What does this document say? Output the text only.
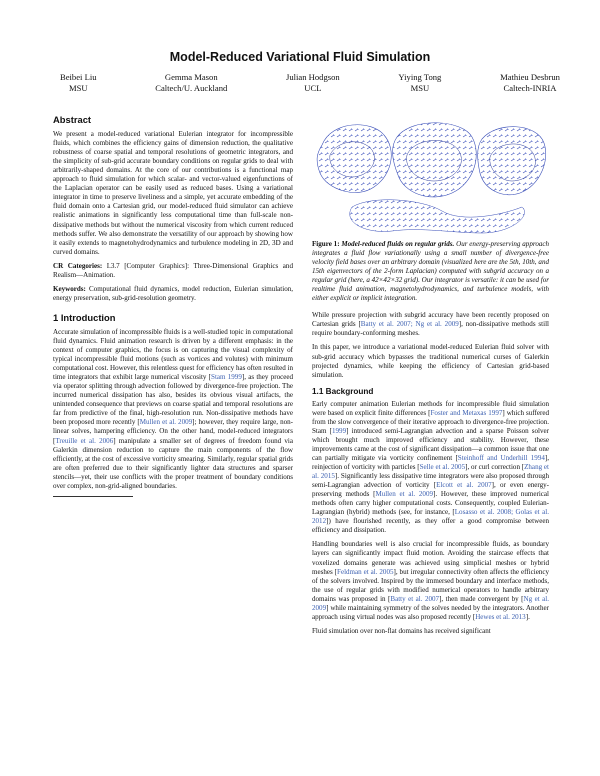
Model-Reduced Variational Fluid Simulation
Beibei Liu
MSU
Gemma Mason
Caltech/U. Auckland
Julian Hodgson
UCL
Yiying Tong
MSU
Mathieu Desbrun
Caltech-INRIA
Abstract

We present a model-reduced variational Eulerian integrator for incompressible fluids, which combines the efficiency gains of dimension reduction, the qualitative robustness of coarse spatial and temporal resolutions of geometric integrators, and the simplicity of sub-grid accurate boundary conditions on regular grids to deal with arbitrarily-shaped domains. At the core of our contributions is a functional map approach to fluid simulation for which scalar- and vector-valued eigenfunctions of the Laplacian operator can be easily used as reduced bases. Using a variational integrator in time to preserve liveliness and a simple, yet accurate embedding of the fluid domain onto a Cartesian grid, our model-reduced fluid simulator can achieve realistic animations in significantly less computational time than full-scale non-dissipative methods but without the numerical viscosity from which current reduced methods suffer. We also demonstrate the versatility of our approach by showing how it easily extends to magnetohydrodynamics and turbulence modeling in 2D, 3D and curved domains.

CR Categories: I.3.7 [Computer Graphics]: Three-Dimensional Graphics and Realism—Animation.

Keywords: Computational fluid dynamics, model reduction, Eulerian simulation, energy preservation, sub-grid-resolution geometry.

1 Introduction

Accurate simulation of incompressible fluids is a well-studied topic in computational fluid dynamics. Fluid animation research is driven by a different emphasis: in the context of computer graphics, the focus is on capturing the visual complexity of typical incompressible fluid motions (such as vortices and volutes) with minimum computational cost. However, this relentless quest for efficiency has often resulted in time integrators that exhibit large numerical viscosity [Stam 1999], as they proceed via operator splitting through advection followed by divergence-free projection. The incurred numerical dissipation has also, besides its obvious visual artifacts, the unintended consequence that previews on coarse spatial and temporal resolutions are far from predictive of the final, high-resolution run. Non-dissipative methods have been proposed more recently [Mullen et al. 2009]; however, they require large, non-linear solves, hampering efficiency. On the other hand, model-reduced integrators [Treuille et al. 2006] manipulate a smaller set of degrees of freedom found via Galerkin dimension reduction to capture the main components of the flow efficiently, at the cost of excessive vorticity smearing. Similarly, regular spatial grids are often preferred due to their significantly lighter data structures and sparser stencils—yet, their use conflicts with the proper treatment of boundary conditions over complex, non-grid-aligned boundaries.

Figure 1: Model-reduced fluids on regular grids. Our energy-preserving approach integrates a fluid flow variationally using a small number of divergence-free velocity field bases over an arbitrary domain (visualized here are the 5th, 10th, and 15th eigenvectors of the 2-form Laplacian) computed with subgrid accuracy on a regular grid (here, a 42×42×32 grid). Our integrator is versatile: it can be used for realtime fluid animation, magnetohydrodynamics, and turbulence models, with either explicit or implicit integration.

While pressure projection with subgrid accuracy have been recently proposed on Cartesian grids [Batty et al. 2007; Ng et al. 2009], non-dissipative methods still require boundary-conforming meshes.

In this paper, we introduce a variational model-reduced Eulerian fluid solver with sub-grid accuracy which bypasses the traditional numerical curses of Galerkin projected dynamics, while keeping the efficiency of Cartesian grid-based simulation.

1.1 Background

Early computer animation Eulerian methods for incompressible fluid simulation were based on explicit finite differences [Foster and Metaxas 1997] which suffered from the slow convergence of their iterative approach to divergence-free projection. Stam [1999] introduced semi-Lagrangian advection and a sparse Poisson solver which brought much improved efficiency and stability. However, these improvements came at the cost of significant dissipation—a common issue that one can partially mitigate via vorticity confinement [Steinhoff and Underhill 1994], reinjection of vorticity with particles [Selle et al. 2005], or curl correction [Zhang et al. 2015]. Significantly less dissipative time integrators were also proposed through semi-Lagrangian advection of vorticity [Elcott et al. 2007], or even energy-preserving methods [Mullen et al. 2009]. However, these improved numerical methods often carry higher computational costs. Consequently, coupled Eulerian-Lagrangian (hybrid) methods (see, for instance, [Losasso et al. 2008; Golas et al. 2012]) have flourished recently, as they offer a good compromise between efficiency and dissipation.

Handling boundaries well is also crucial for incompressible fluids, as boundary layers can significantly impact fluid motion. Avoiding the staircase effects that voxelized domains generate was achieved using simplicial meshes or hybrid meshes [Feldman et al. 2005], but irregular connectivity often affects the efficiency of the solvers involved. Inspired by the immersed boundary and interface methods, the use of regular grids with modified numerical operators to handle arbitrary domains was proposed in [Batty et al. 2007], then made convergent by [Ng et al. 2009] while maintaining symmetry of the solves needed by the integrators. Another approach using virtual nodes was also proposed recently [Hewes et al. 2013].

Fluid simulation over non-flat domains has received significant
